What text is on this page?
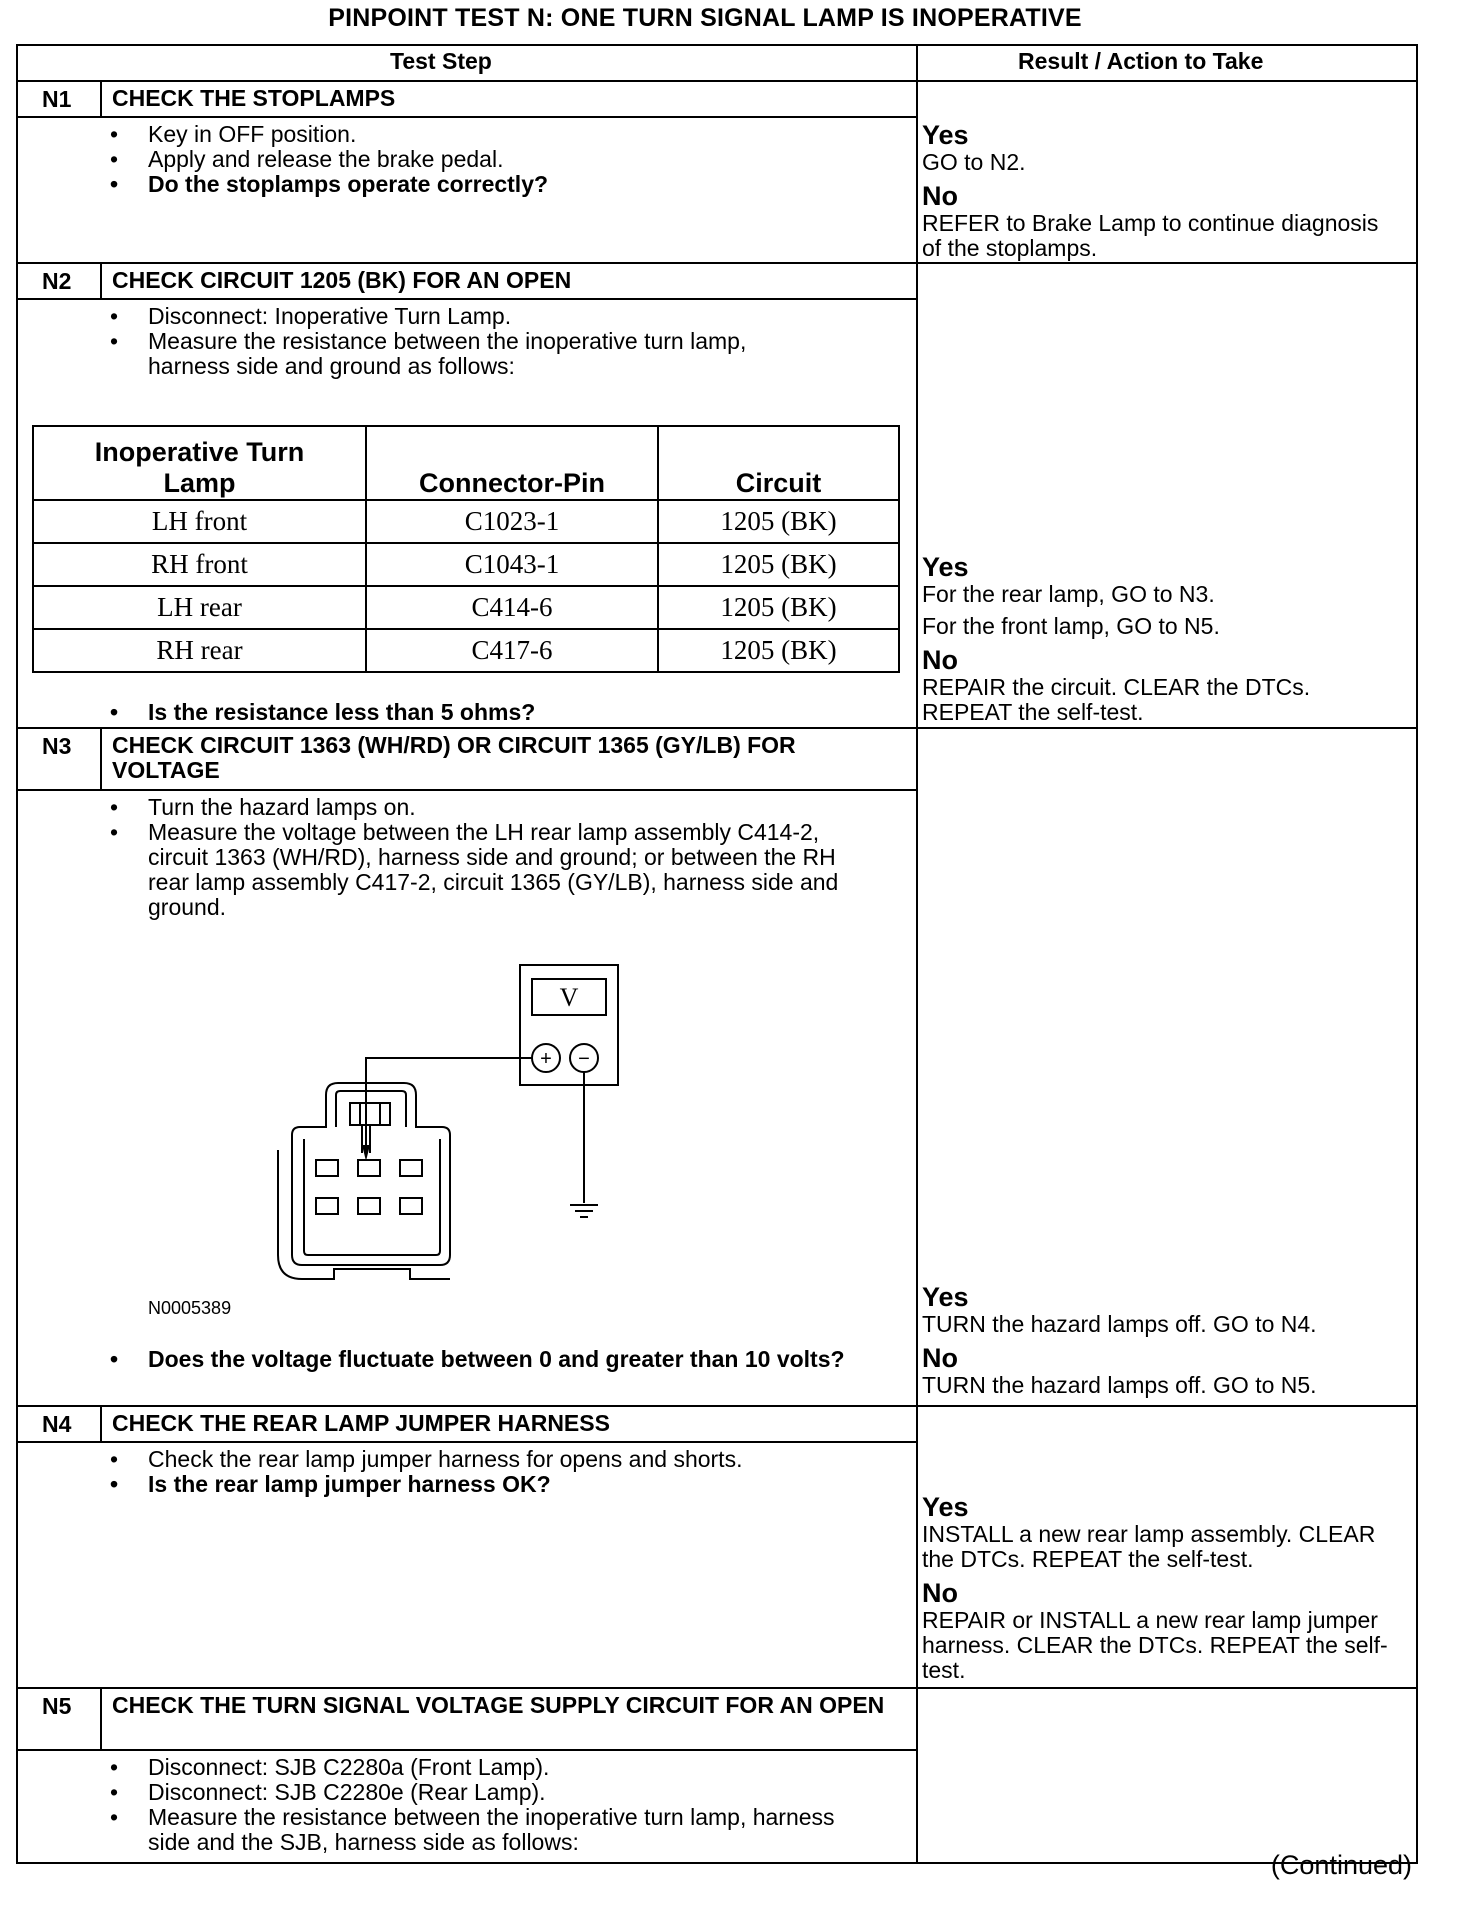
PINPOINT TEST N: ONE TURN SIGNAL LAMP IS INOPERATIVE
Test Step	Result / Action to Take
N1 CHECK THE STOPLAMPS
• Key in OFF position.
• Apply and release the brake pedal.
• Do the stoplamps operate correctly?
Yes
GO to N2.
No
REFER to Brake Lamp to continue diagnosis of the stoplamps.
N2 CHECK CIRCUIT 1205 (BK) FOR AN OPEN
• Disconnect: Inoperative Turn Lamp.
• Measure the resistance between the inoperative turn lamp, harness side and ground as follows:
Inoperative Turn Lamp	Connector-Pin	Circuit
LH front	C1023-1	1205 (BK)
RH front	C1043-1	1205 (BK)
LH rear	C414-6	1205 (BK)
RH rear	C417-6	1205 (BK)
• Is the resistance less than 5 ohms?
Yes
For the rear lamp, GO to N3.

For the front lamp, GO to N5.
No
REPAIR the circuit. CLEAR the DTCs. REPEAT the self-test.
N3 CHECK CIRCUIT 1363 (WH/RD) OR CIRCUIT 1365 (GY/LB) FOR VOLTAGE
• Turn the hazard lamps on.
• Measure the voltage between the LH rear lamp assembly C414-2, circuit 1363 (WH/RD), harness side and ground; or between the RH rear lamp assembly C417-2, circuit 1365 (GY/LB), harness side and ground.
V
+ −
N0005389
• Does the voltage fluctuate between 0 and greater than 10 volts?
Yes
TURN the hazard lamps off. GO to N4.
No
TURN the hazard lamps off. GO to N5.
N4 CHECK THE REAR LAMP JUMPER HARNESS
• Check the rear lamp jumper harness for opens and shorts.
• Is the rear lamp jumper harness OK?
Yes
INSTALL a new rear lamp assembly. CLEAR the DTCs. REPEAT the self-test.
No
REPAIR or INSTALL a new rear lamp jumper harness. CLEAR the DTCs. REPEAT the self-test.
N5 CHECK THE TURN SIGNAL VOLTAGE SUPPLY CIRCUIT FOR AN OPEN
• Disconnect: SJB C2280a (Front Lamp).
• Disconnect: SJB C2280e (Rear Lamp).
• Measure the resistance between the inoperative turn lamp, harness side and the SJB, harness side as follows:
(Continued)
